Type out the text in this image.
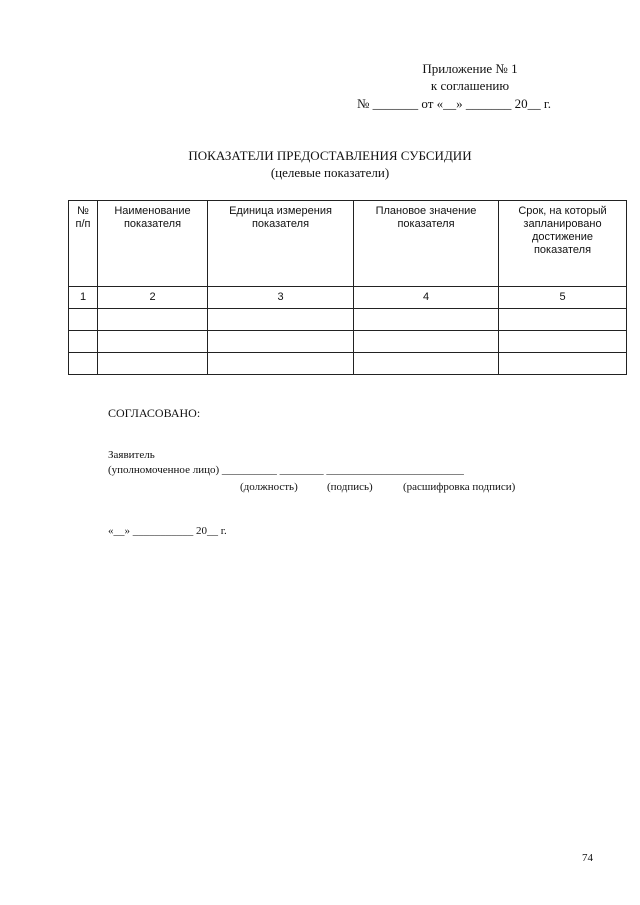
Приложение № 1
к соглашению
№ _______ от «__» _______ 20__ г.
ПОКАЗАТЕЛИ ПРЕДОСТАВЛЕНИЯ СУБСИДИИ
(целевые показатели)
№ п/п	Наименование показателя	Единица измерения показателя	Плановое значение показателя	Срок, на который запланировано достижение показателя
1	2	3	4	5

СОГЛАСОВАНО:
Заявитель
(уполномоченное лицо) __________ ________ _________________________
(должность)	(подпись)	(расшифровка подписи)
«__» ___________ 20__ г.
74
